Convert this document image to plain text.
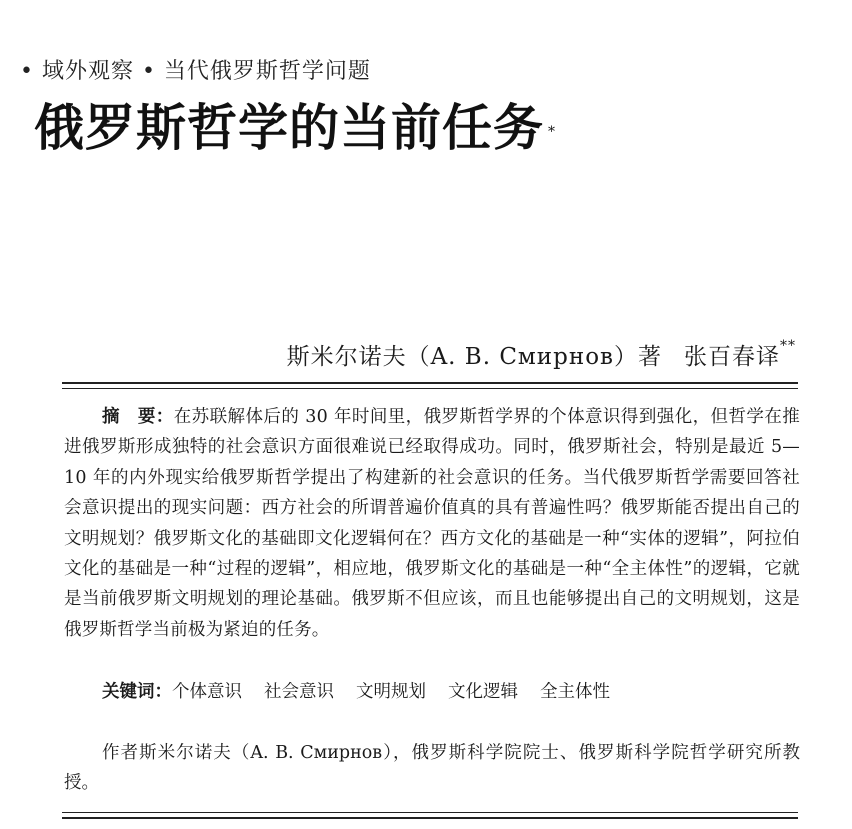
• 域外观察 • 当代俄罗斯哲学问题
俄罗斯哲学的当前任务 *
斯米尔诺夫（A. B. Смирнов）著 张百春译**
摘　要：在苏联解体后的 30 年时间里，俄罗斯哲学界的个体意识得到强化，但哲学在推进俄罗斯形成独特的社会意识方面很难说已经取得成功。同时，俄罗斯社会，特别是最近 5—10 年的内外现实给俄罗斯哲学提出了构建新的社会意识的任务。当代俄罗斯哲学需要回答社会意识提出的现实问题：西方社会的所谓普遍价值真的具有普遍性吗？俄罗斯能否提出自己的文明规划？俄罗斯文化的基础即文化逻辑何在？西方文化的基础是一种“实体的逻辑”，阿拉伯文化的基础是一种“过程的逻辑”，相应地，俄罗斯文化的基础是一种“全主体性”的逻辑，它就是当前俄罗斯文明规划的理论基础。俄罗斯不但应该，而且也能够提出自己的文明规划，这是俄罗斯哲学当前极为紧迫的任务。
关键词：个体意识 社会意识 文明规划 文化逻辑 全主体性
作者斯米尔诺夫（A. B. Смирнов），俄罗斯科学院院士、俄罗斯科学院哲学研究所教授。
